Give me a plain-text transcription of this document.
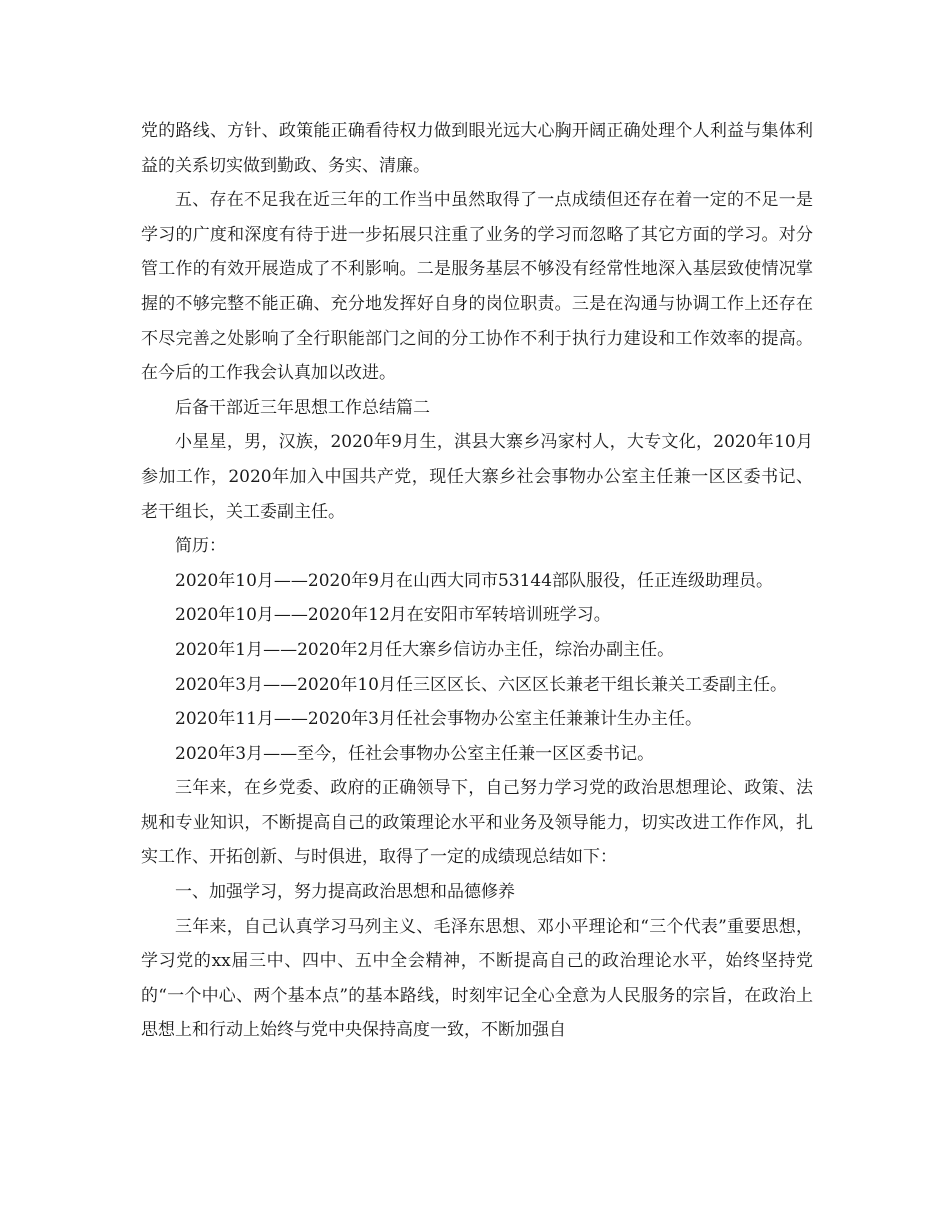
党的路线、方针、政策能正确看待权力做到眼光远大心胸开阔正确处理个人利益与集体利益的关系切实做到勤政、务实、清廉。

五、存在不足我在近三年的工作当中虽然取得了一点成绩但还存在着一定的不足一是学习的广度和深度有待于进一步拓展只注重了业务的学习而忽略了其它方面的学习。对分管工作的有效开展造成了不利影响。二是服务基层不够没有经常性地深入基层致使情况掌握的不够完整不能正确、充分地发挥好自身的岗位职责。三是在沟通与协调工作上还存在不尽完善之处影响了全行职能部门之间的分工协作不利于执行力建设和工作效率的提高。在今后的工作我会认真加以改进。

后备干部近三年思想工作总结篇二

小星星，男，汉族，2020年9月生，淇县大寨乡冯家村人，大专文化，2020年10月参加工作，2020年加入中国共产党，现任大寨乡社会事物办公室主任兼一区区委书记、老干组长，关工委副主任。

简历：

2020年10月——2020年9月在山西大同市53144部队服役，任正连级助理员。

2020年10月——2020年12月在安阳市军转培训班学习。

2020年1月——2020年2月任大寨乡信访办主任，综治办副主任。

2020年3月——2020年10月任三区区长、六区区长兼老干组长兼关工委副主任。

2020年11月——2020年3月任社会事物办公室主任兼兼计生办主任。

2020年3月——至今，任社会事物办公室主任兼一区区委书记。

三年来，在乡党委、政府的正确领导下，自己努力学习党的政治思想理论、政策、法规和专业知识，不断提高自己的政策理论水平和业务及领导能力，切实改进工作作风，扎实工作、开拓创新、与时俱进，取得了一定的成绩现总结如下：

一、加强学习，努力提高政治思想和品德修养

三年来，自己认真学习马列主义、毛泽东思想、邓小平理论和“三个代表”重要思想，学习党的xx届三中、四中、五中全会精神，不断提高自己的政治理论水平，始终坚持党的“一个中心、两个基本点”的基本路线，时刻牢记全心全意为人民服务的宗旨，在政治上思想上和行动上始终与党中央保持高度一致，不断加强自
